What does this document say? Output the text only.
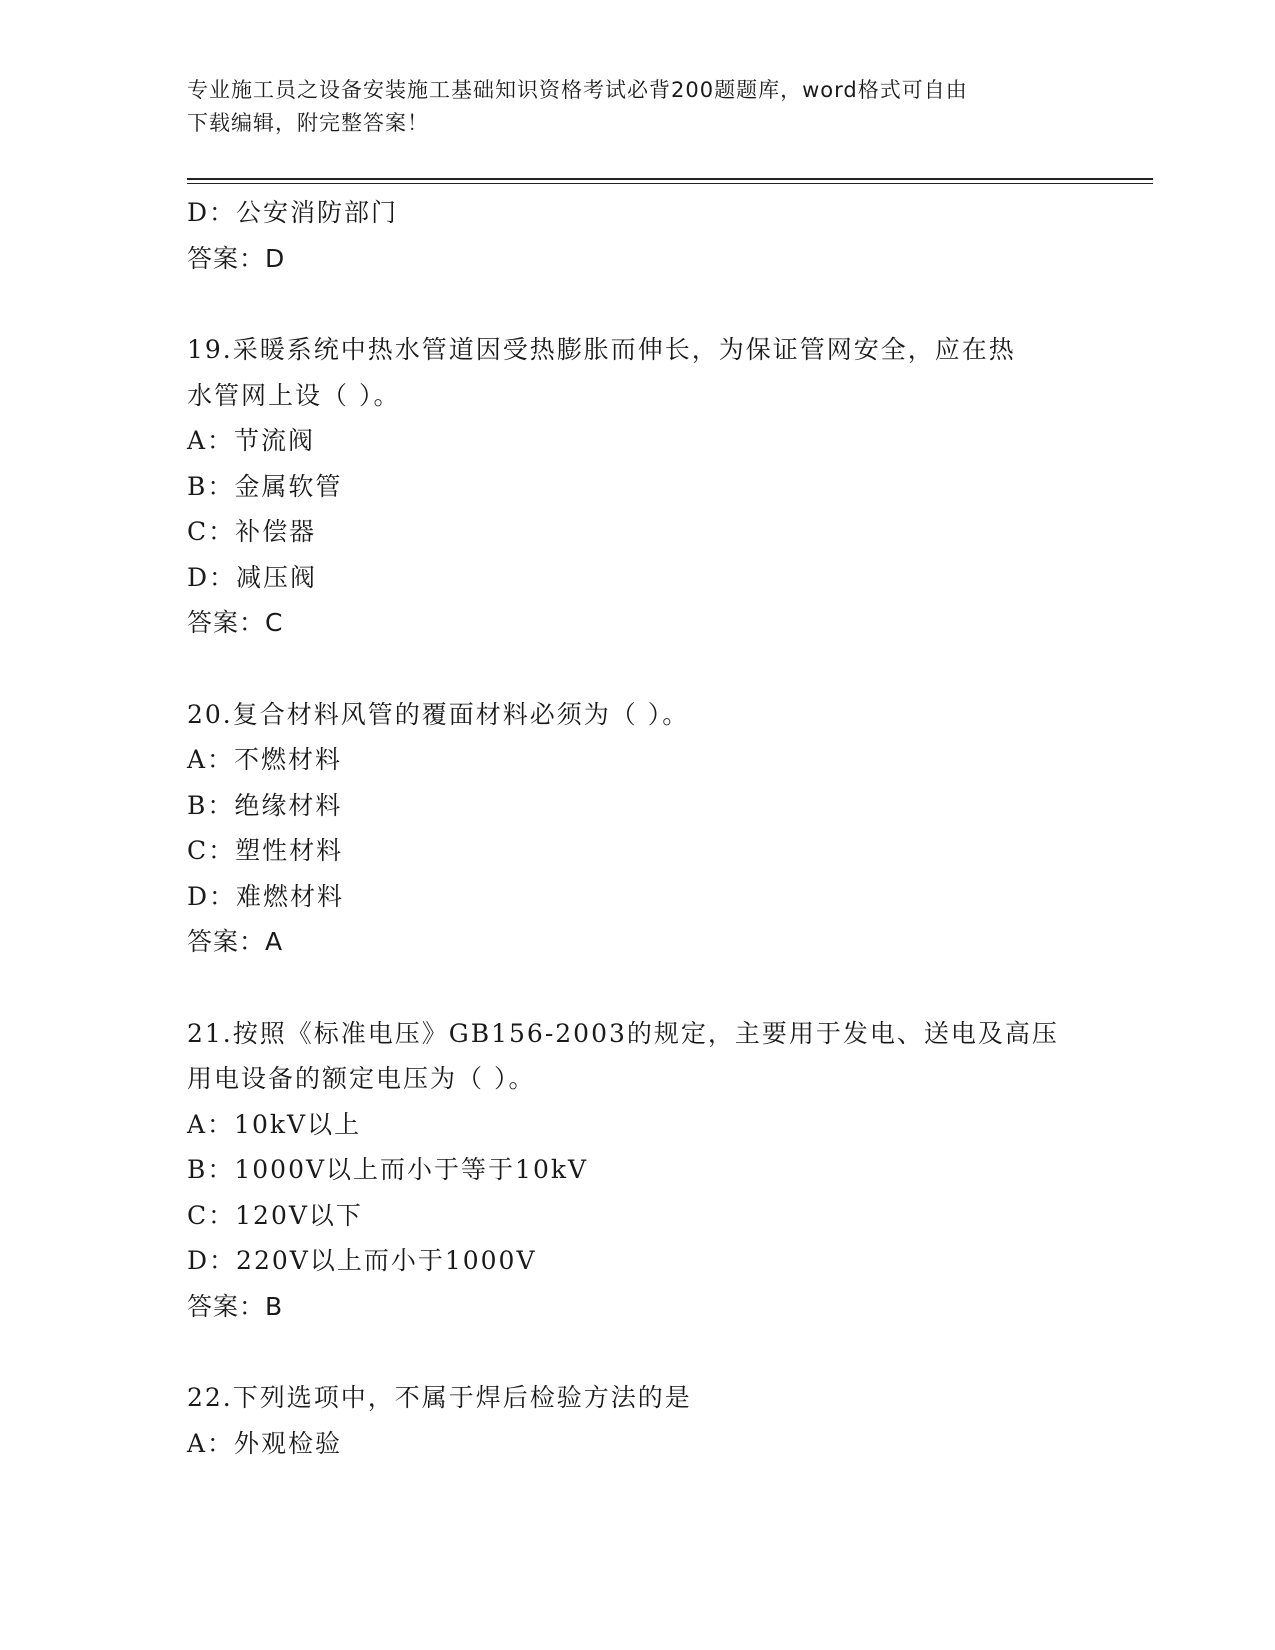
专业施工员之设备安装施工基础知识资格考试必背200题题库，word格式可自由
下载编辑，附完整答案！
D：公安消防部门
答案：D
19.采暖系统中热水管道因受热膨胀而伸长，为保证管网安全，应在热
水管网上设（ ）。
A：节流阀
B：金属软管
C：补偿器
D：减压阀
答案：C
20.复合材料风管的覆面材料必须为（ ）。
A：不燃材料
B：绝缘材料
C：塑性材料
D：难燃材料
答案：A
21.按照《标准电压》GB156-2003的规定，主要用于发电、送电及高压
用电设备的额定电压为（ ）。
A：10kV以上
B：1000V以上而小于等于10kV
C：120V以下
D：220V以上而小于1000V
答案：B
22.下列选项中，不属于焊后检验方法的是
A：外观检验
